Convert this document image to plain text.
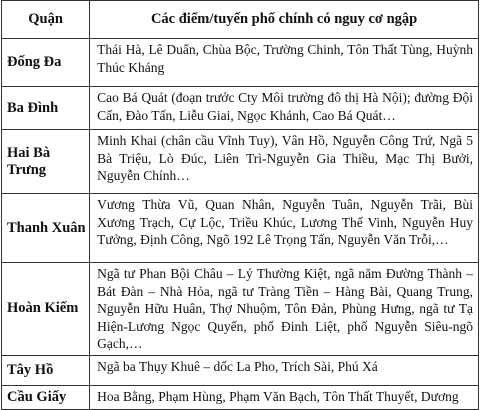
Quận	Các điểm/tuyến phố chính có nguy cơ ngập
Đống Đa	Thái Hà, Lê Duẩn, Chùa Bộc, Trường Chinh, Tôn Thất Tùng, Huỳnh Thúc Kháng
Ba Đình	Cao Bá Quát (đoạn trước Cty Môi trường đô thị Hà Nội); đường Đội Cấn, Đào Tấn, Liễu Giai, Ngọc Khánh, Cao Bá Quát…
Hai Bà Trưng	Minh Khai (chân cầu Vĩnh Tuy), Vân Hồ, Nguyễn Công Trứ, Ngã 5 Bà Triệu, Lò Đúc, Liên Trì-Nguyễn Gia Thiều, Mạc Thị Bưởi, Nguyễn Chính…
Thanh Xuân	Vương Thừa Vũ, Quan Nhân, Nguyễn Tuân, Nguyễn Trãi, Bùi Xương Trạch, Cự Lộc, Triều Khúc, Lương Thế Vinh, Nguyễn Huy Tưởng, Định Công, Ngõ 192 Lê Trọng Tấn, Nguyễn Văn Trỗi,…
Hoàn Kiếm	Ngã tư Phan Bội Châu – Lý Thường Kiệt, ngã năm Đường Thành – Bát Đàn – Nhà Hỏa, ngã tư Tràng Tiền – Hàng Bài, Quang Trung, Nguyễn Hữu Huân, Thợ Nhuộm, Tôn Đản, Phùng Hưng, ngã tư Tạ Hiện-Lương Ngọc Quyến, phố Đinh Liệt, phố Nguyễn Siêu-ngõ Gạch,…
Tây Hồ	Ngã ba Thụy Khuê – dốc La Pho, Trích Sài, Phú Xá
Cầu Giấy	Hoa Bằng, Phạm Hùng, Phạm Văn Bạch, Tôn Thất Thuyết, Dương
